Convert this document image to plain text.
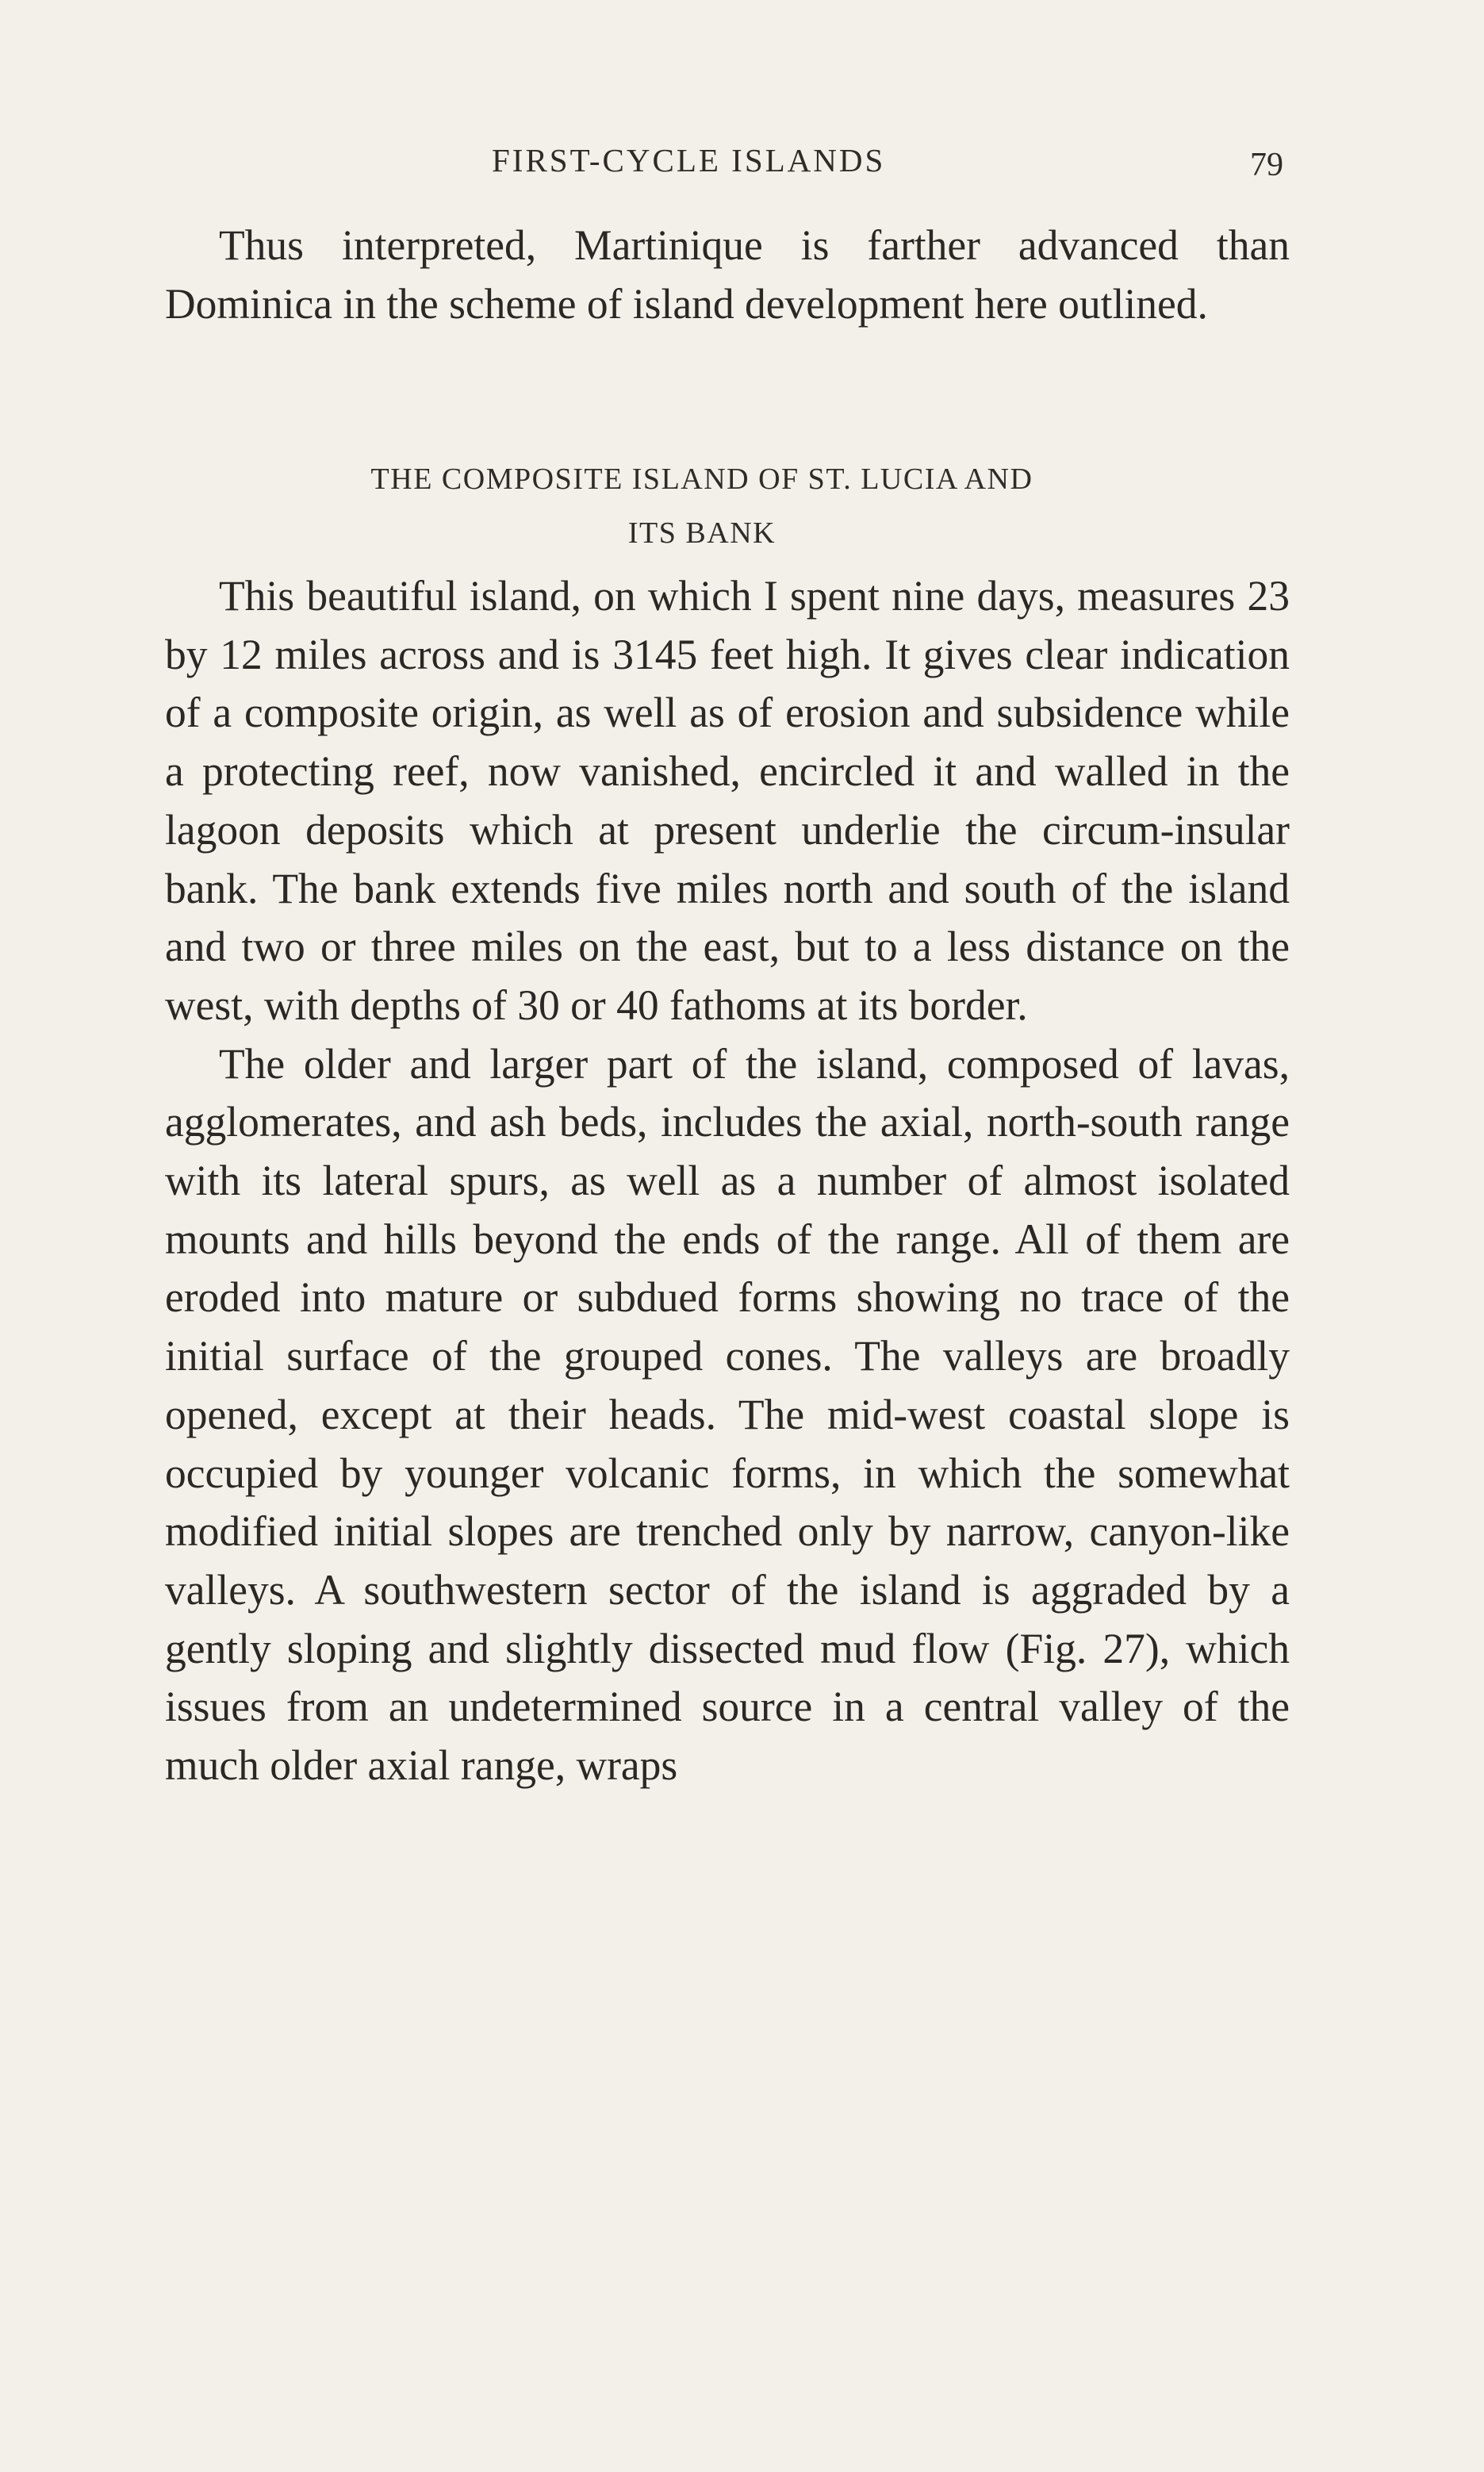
FIRST-CYCLE ISLANDS	79

Thus interpreted, Martinique is farther advanced than Dominica in the scheme of island development here outlined.

THE COMPOSITE ISLAND OF ST. LUCIA AND
ITS BANK

This beautiful island, on which I spent nine days, measures 23 by 12 miles across and is 3145 feet high. It gives clear indication of a composite origin, as well as of erosion and subsidence while a protecting reef, now vanished, encircled it and walled in the lagoon deposits which at present underlie the circum-insular bank. The bank extends five miles north and south of the island and two or three miles on the east, but to a less distance on the west, with depths of 30 or 40 fathoms at its border.

The older and larger part of the island, composed of lavas, agglomerates, and ash beds, includes the axial, north-south range with its lateral spurs, as well as a number of almost isolated mounts and hills beyond the ends of the range. All of them are eroded into mature or subdued forms showing no trace of the initial surface of the grouped cones. The valleys are broadly opened, except at their heads. The mid-west coastal slope is occupied by younger volcanic forms, in which the somewhat modified initial slopes are trenched only by narrow, canyon-like valleys. A southwestern sector of the island is aggraded by a gently sloping and slightly dissected mud flow (Fig. 27), which issues from an undetermined source in a central valley of the much older axial range, wraps
